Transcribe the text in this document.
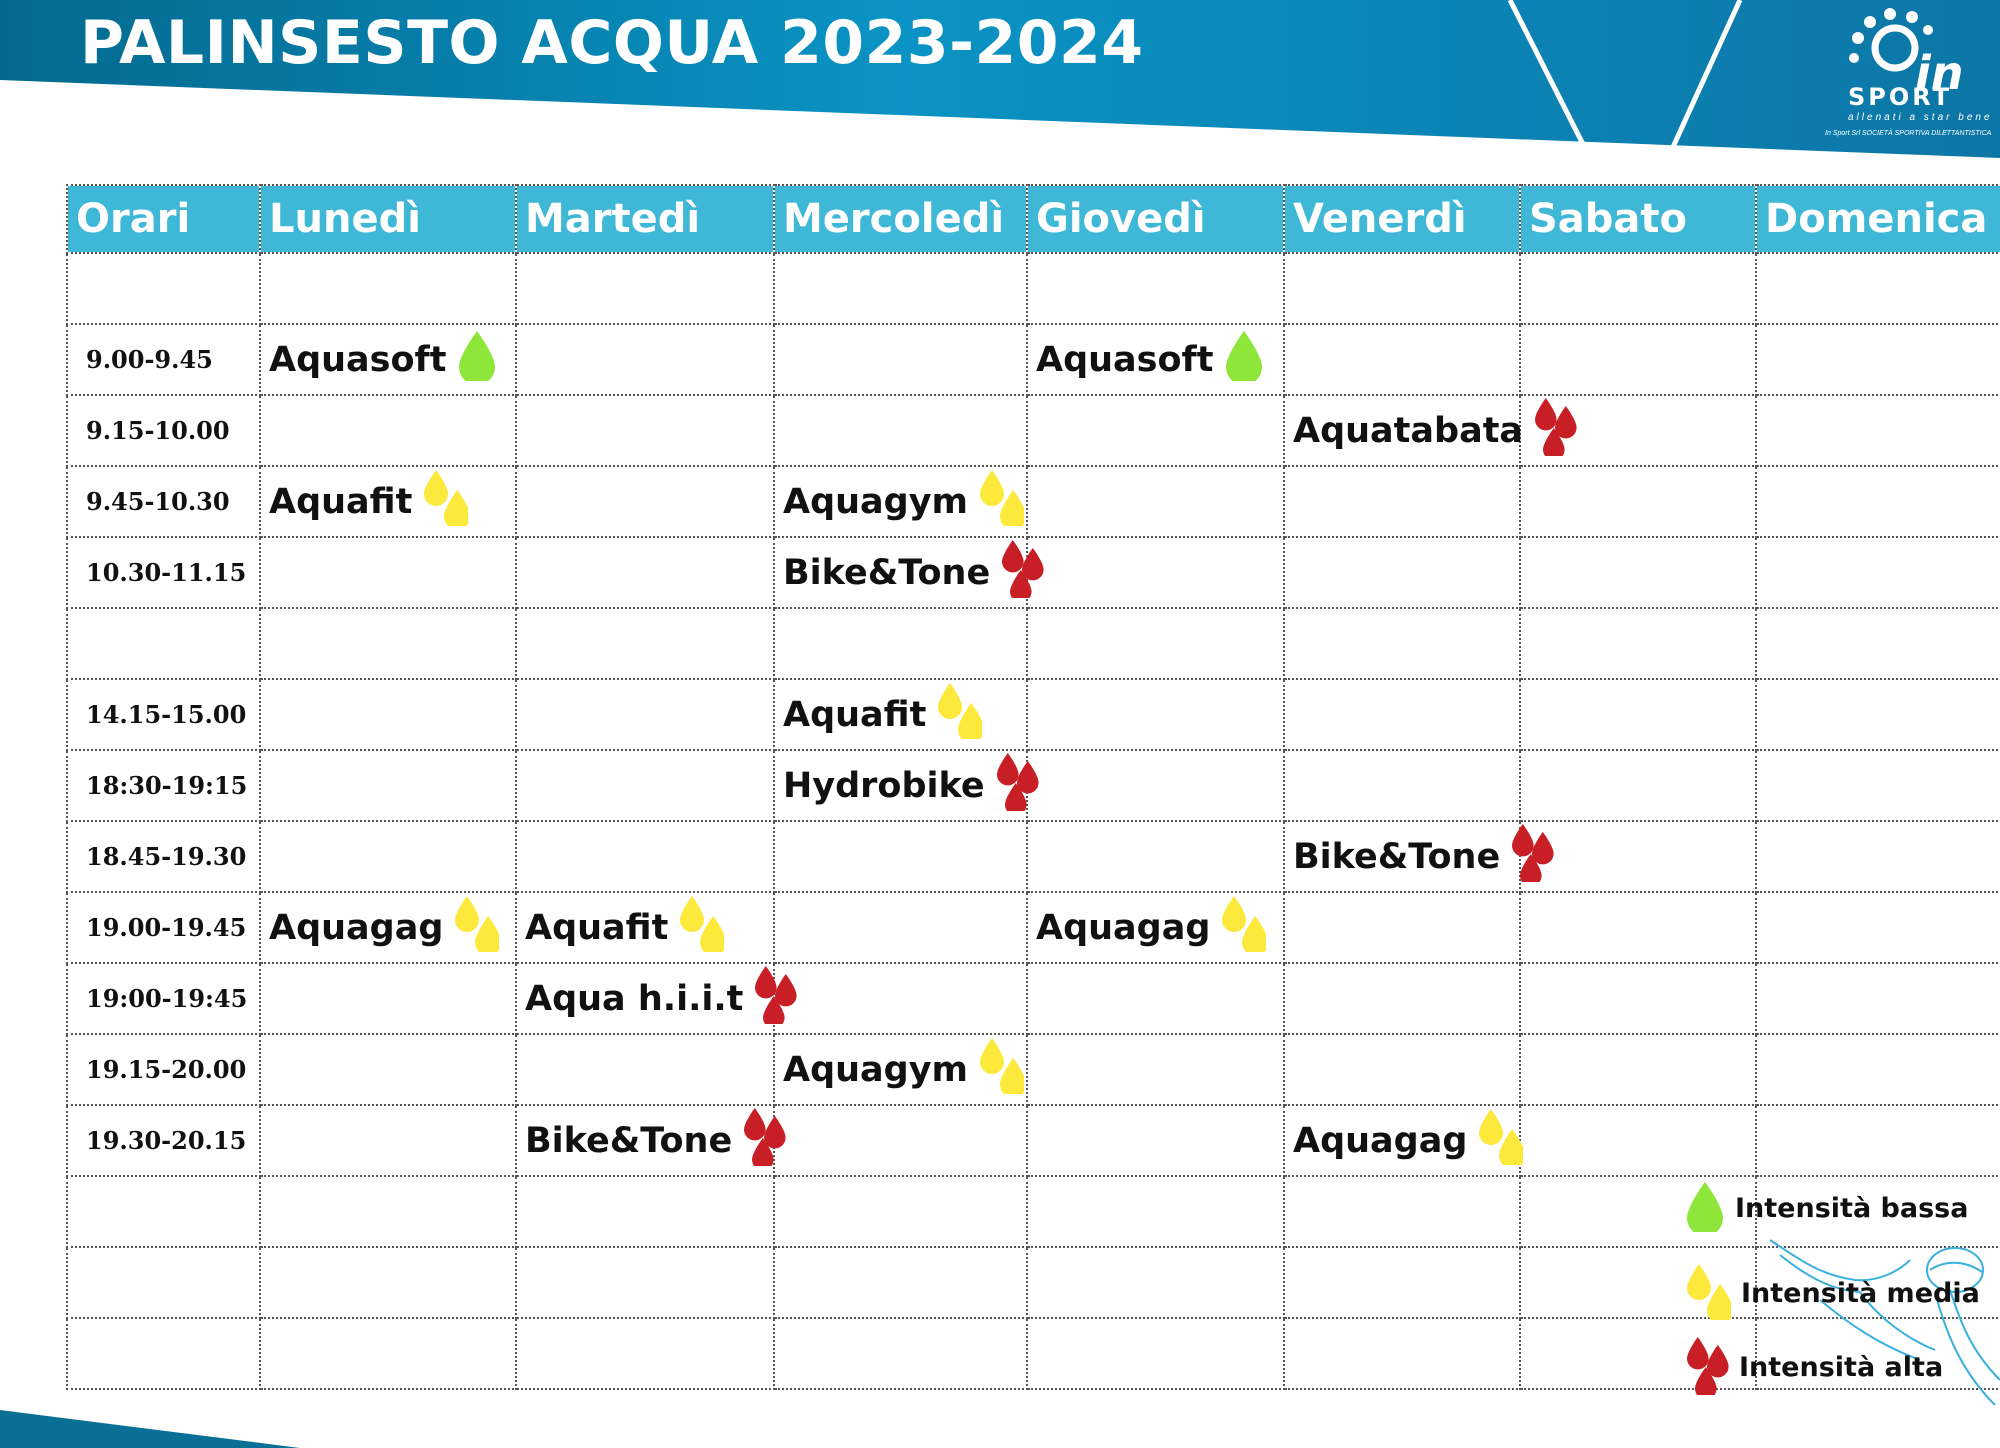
PALINSESTO ACQUA 2023-2024	in
SPORT
allenati a star bene
In Sport Srl SOCIETÀ SPORTIVA DILETTANTISTICA
Orari	Lunedì	Martedì	Mercoledì	Giovedì	Venerdì	Sabato	Domenica

9.00-9.45	Aquasoft			Aquasoft			

9.15-10.00					Aquatabata		

9.45-10.30	Aquafit		Aquagym				

10.30-11.15			Bike&Tone				

14.15-15.00			Aquafit				

18:30-19:15			Hydrobike				

18.45-19.30					Bike&Tone		

19.00-19.45	Aquagag	Aquafit		Aquagag			

19:00-19:45		Aqua h.i.i.t					

19.15-20.00			Aquagym				

19.30-20.15		Bike&Tone			Aquagag		

Intensità bassa
Intensità media
Intensità alta
